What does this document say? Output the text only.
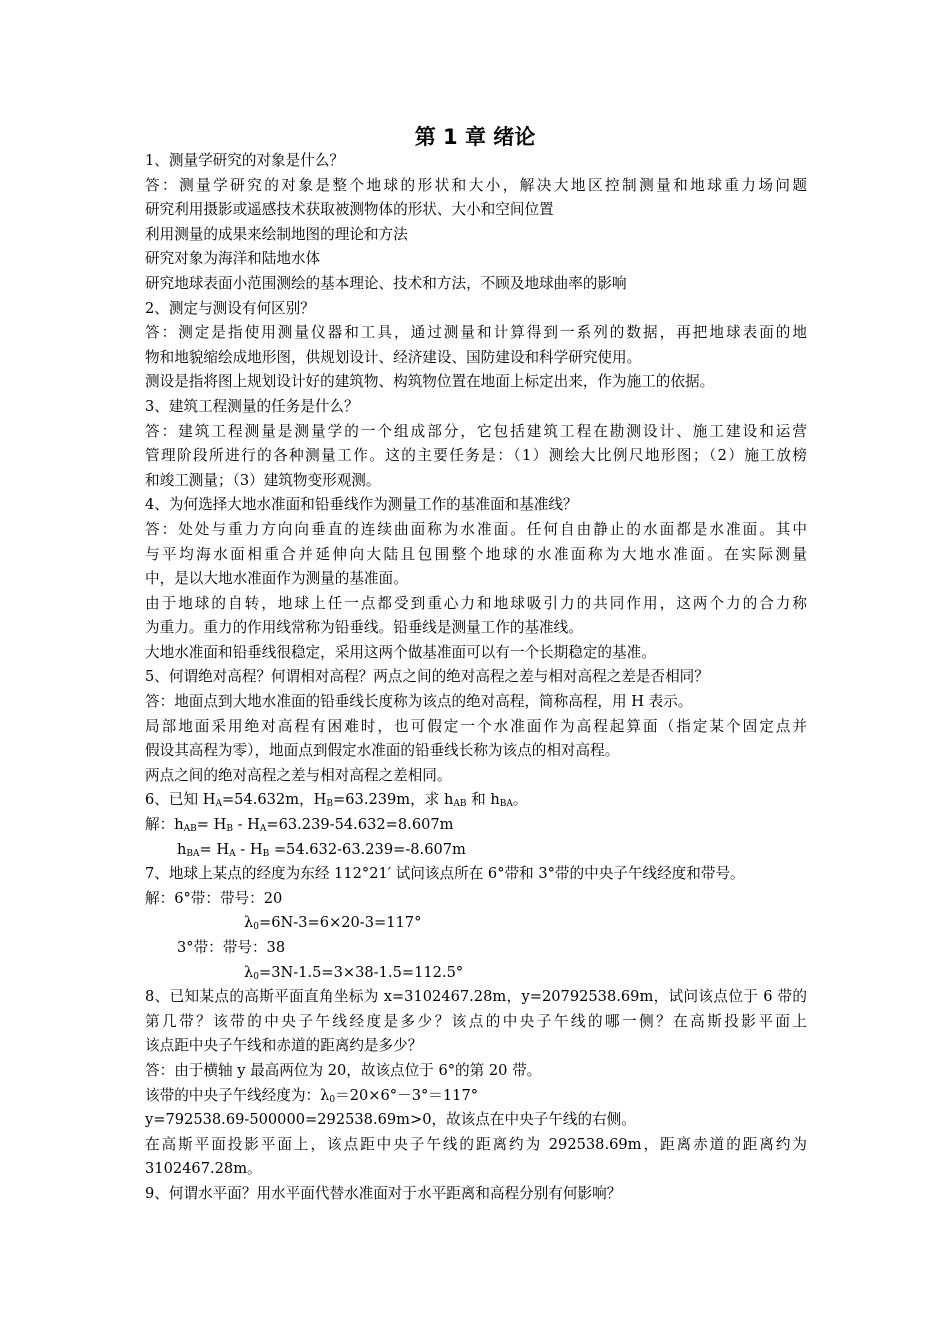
第 1 章 绪论

1、测量学研究的对象是什么？

答：测量学研究的对象是整个地球的形状和大小，解决大地区控制测量和地球重力场问题

研究利用摄影或遥感技术获取被测物体的形状、大小和空间位置

利用测量的成果来绘制地图的理论和方法

研究对象为海洋和陆地水体

研究地球表面小范围测绘的基本理论、技术和方法，不顾及地球曲率的影响

2、测定与测设有何区别？

答：测定是指使用测量仪器和工具，通过测量和计算得到一系列的数据，再把地球表面的地

物和地貌缩绘成地形图，供规划设计、经济建设、国防建设和科学研究使用。

测设是指将图上规划设计好的建筑物、构筑物位置在地面上标定出来，作为施工的依据。

3、建筑工程测量的任务是什么？

答：建筑工程测量是测量学的一个组成部分，它包括建筑工程在勘测设计、施工建设和运营

管理阶段所进行的各种测量工作。这的主要任务是：（1）测绘大比例尺地形图；（2）施工放榜

和竣工测量；（3）建筑物变形观测。

4、为何选择大地水准面和铅垂线作为测量工作的基准面和基准线？

答：处处与重力方向向垂直的连续曲面称为水准面。任何自由静止的水面都是水准面。其中

与平均海水面相重合并延伸向大陆且包围整个地球的水准面称为大地水准面。在实际测量

中，是以大地水准面作为测量的基准面。

由于地球的自转，地球上任一点都受到重心力和地球吸引力的共同作用，这两个力的合力称

为重力。重力的作用线常称为铅垂线。铅垂线是测量工作的基准线。

大地水准面和铅垂线很稳定，采用这两个做基准面可以有一个长期稳定的基准。

5、何谓绝对高程？何谓相对高程？两点之间的绝对高程之差与相对高程之差是否相同？

答：地面点到大地水准面的铅垂线长度称为该点的绝对高程，简称高程，用 H 表示。

局部地面采用绝对高程有困难时，也可假定一个水准面作为高程起算面（指定某个固定点并

假设其高程为零），地面点到假定水准面的铅垂线长称为该点的相对高程。

两点之间的绝对高程之差与相对高程之差相同。

6、已知 $H_A=54.632m$，$H_B=63.239m$，求 $h_{AB}$ 和 $h_{BA}$。

解：$h_{AB}= H_B - H_A=63.239-54.632=8.607m$

$h_{BA}= H_A - H_B =54.632-63.239=-8.607m$

7、地球上某点的经度为东经 112°21′ 试问该点所在 6°带和 3°带的中央子午线经度和带号。

解：6°带：带号：20

$\lambda_0=6N-3=6\times 20-3=117^\circ$

3°带：带号：38

$\lambda_0=3N-1.5=3\times 38-1.5=112.5^\circ$

8、已知某点的高斯平面直角坐标为 x=3102467.28m，y=20792538.69m，试问该点位于 6 带的

第几带？该带的中央子午线经度是多少？该点的中央子午线的哪一侧？在高斯投影平面上

该点距中央子午线和赤道的距离约是多少？

答：由于横轴 y 最高两位为 20，故该点位于 6°的第 20 带。

该带的中央子午线经度为：$\lambda_0=20\times 6^\circ-3^\circ=117^\circ$

y=792538.69-500000=292538.69m>0，故该点在中央子午线的右侧。

在高斯平面投影平面上，该点距中央子午线的距离约为 292538.69m，距离赤道的距离约为

3102467.28m。

9、何谓水平面？用水平面代替水准面对于水平距离和高程分别有何影响？
